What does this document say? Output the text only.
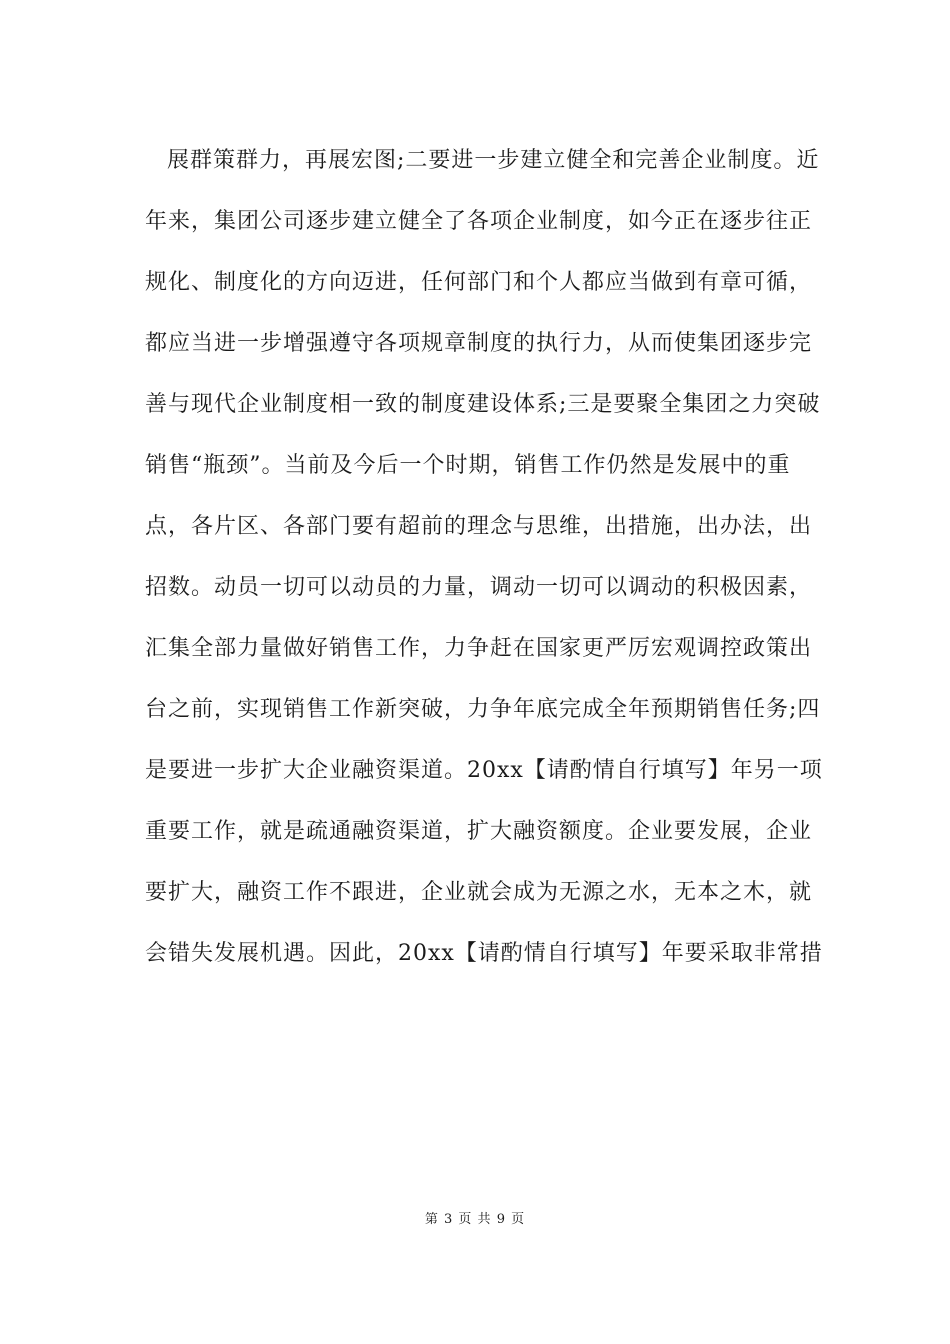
展群策群力，再展宏图;二要进一步建立健全和完善企业制度。近
年来，集团公司逐步建立健全了各项企业制度，如今正在逐步往正
规化、制度化的方向迈进，任何部门和个人都应当做到有章可循，
都应当进一步增强遵守各项规章制度的执行力，从而使集团逐步完
善与现代企业制度相一致的制度建设体系;三是要聚全集团之力突破
销售“瓶颈”。当前及今后一个时期，销售工作仍然是发展中的重
点，各片区、各部门要有超前的理念与思维，出措施，出办法，出
招数。动员一切可以动员的力量，调动一切可以调动的积极因素，
汇集全部力量做好销售工作，力争赶在国家更严厉宏观调控政策出
台之前，实现销售工作新突破，力争年底完成全年预期销售任务;四
是要进一步扩大企业融资渠道。20xx【请酌情自行填写】年另一项
重要工作，就是疏通融资渠道，扩大融资额度。企业要发展，企业
要扩大，融资工作不跟进，企业就会成为无源之水，无本之木，就
会错失发展机遇。因此，20xx【请酌情自行填写】年要采取非常措
第 3 页 共 9 页
